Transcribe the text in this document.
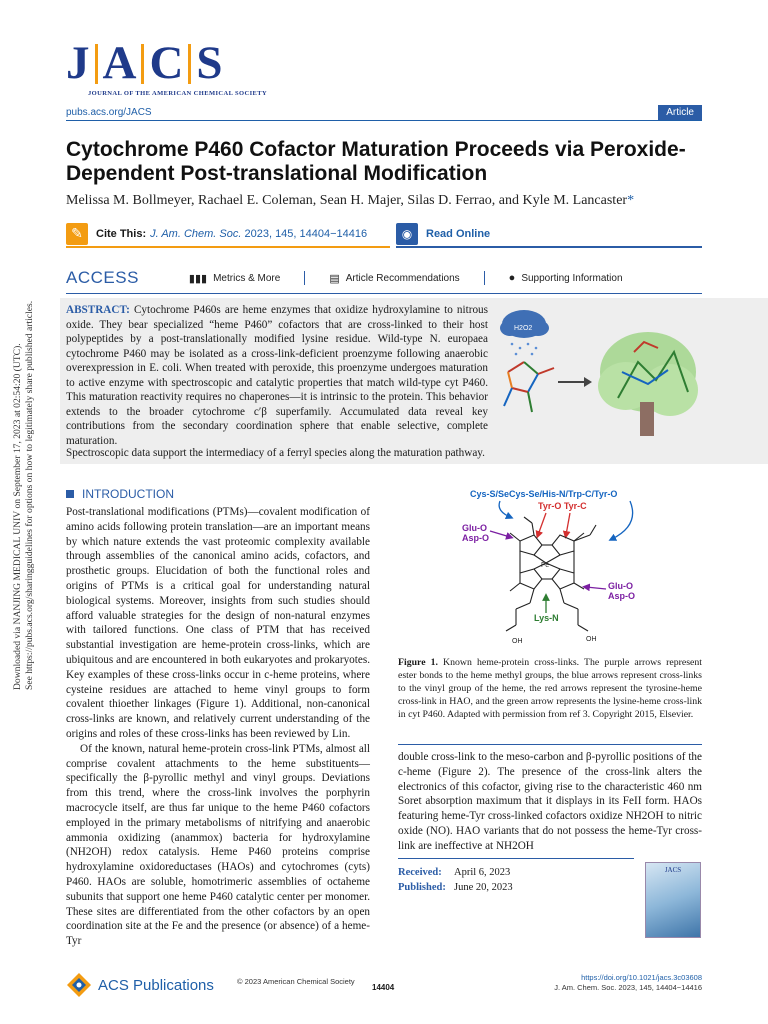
J A C S
JOURNAL OF THE AMERICAN CHEMICAL SOCIETY
pubs.acs.org/JACS	Article
Cytochrome P460 Cofactor Maturation Proceeds via Peroxide-Dependent Post-translational Modification
Melissa M. Bollmeyer, Rachael E. Coleman, Sean H. Majer, Silas D. Ferrao, and Kyle M. Lancaster*
✎	Cite This: J. Am. Chem. Soc. 2023, 145, 14404−14416	◉	Read Online
ACCESS	▮▮▮ Metrics & More	▤ Article Recommendations	● Supporting Information
ABSTRACT: Cytochrome P460s are heme enzymes that oxidize hydroxylamine to nitrous oxide. They bear specialized “heme P460” cofactors that are cross-linked to their host polypeptides by a post-translationally modified lysine residue. Wild-type N. europaea cytochrome P460 may be isolated as a cross-link-deficient proenzyme following anaerobic overexpression in E. coli. When treated with peroxide, this proenzyme undergoes maturation to active enzyme with spectroscopic and catalytic properties that match wild-type cyt P460. This maturation reactivity requires no chaperones—it is intrinsic to the protein. This behavior extends to the broader cytochrome c′β superfamily. Accumulated data reveal key contributions from the secondary coordination sphere that enable selective, complete maturation.
Spectroscopic data support the intermediacy of a ferryl species along the maturation pathway.
H2O2
Downloaded via NANJING MEDICAL UNIV on September 17, 2023 at 02:54:20 (UTC). See https://pubs.acs.org/sharingguidelines for options on how to legitimately share published articles.	INTRODUCTION

Post-translational modifications (PTMs)—covalent modification of amino acids following protein translation—are an important means by which nature extends the vast proteomic complexity available through assemblies of the canonical amino acids, cofactors, and prosthetic groups. Elucidation of both the functional roles and origins of PTMs is a critical goal for understanding natural biological systems. Moreover, insights from such studies should afford valuable strategies for the design of non-natural enzymes with tailored functions. One class of PTM that has received substantial investigation are heme-protein cross-links, which are ubiquitous and are encountered in both eukaryotes and prokaryotes. Key examples of these cross-links occur in c-heme proteins, where cysteine residues are attached to heme vinyl groups to form covalent thioether linkages (Figure 1). Additional, non-canonical cross-links are known, and relatively current understanding of the origins and roles of these cross-links has been reviewed by Lin.

Of the known, natural heme-protein cross-link PTMs, almost all comprise covalent attachments to the heme substituents—specifically the β-pyrollic methyl and vinyl groups. Deviations from this trend, where the cross-link involves the porphyrin macrocycle itself, are thus far unique to the heme P460 cofactors employed in the primary metabolisms of nitrifying and anaerobic ammonia oxidizing (anammox) bacteria for hydroxylamine (NH2OH) redox catalysis. Heme P460 proteins comprise hydroxylamine oxidoreductases (HAOs) and cytochromes (cyts) P460. HAOs are soluble, homotrimeric assemblies of octaheme subunits that support one heme P460 catalytic center per monomer. These sites are differentiated from the other cofactors by an open coordination site at the Fe and the presence (or absence) of a heme-Tyr

Cys-S/SeCys-Se/His-N/Trp-C/Tyr-O
Tyr-O Tyr-C
Glu-O
Asp-O
Glu-O
Asp-O
Lys-N
Fe
OH	OH
Figure 1. Known heme-protein cross-links. The purple arrows represent ester bonds to the heme methyl groups, the blue arrows represent cross-links to the vinyl group of the heme, the red arrows represent the tyrosine-heme cross-link in HAO, and the green arrow represents the lysine-heme cross-link in cyt P460. Adapted with permission from ref 3. Copyright 2015, Elsevier.
double cross-link to the meso-carbon and β-pyrollic positions of the c-heme (Figure 2). The presence of the cross-link alters the electronics of this cofactor, giving rise to the characteristic 460 nm Soret absorption maximum that it displays in its FeII form. HAOs featuring heme-Tyr cross-linked cofactors oxidize NH2OH to nitric oxide (NO). HAO variants that do not possess the heme-Tyr cross-link are ineffective at NH2OH
Received: April 6, 2023
Published: June 20, 2023
JACS
ACS Publications	© 2023 American Chemical Society
14404
https://doi.org/10.1021/jacs.3c03608
J. Am. Chem. Soc. 2023, 145, 14404−14416
